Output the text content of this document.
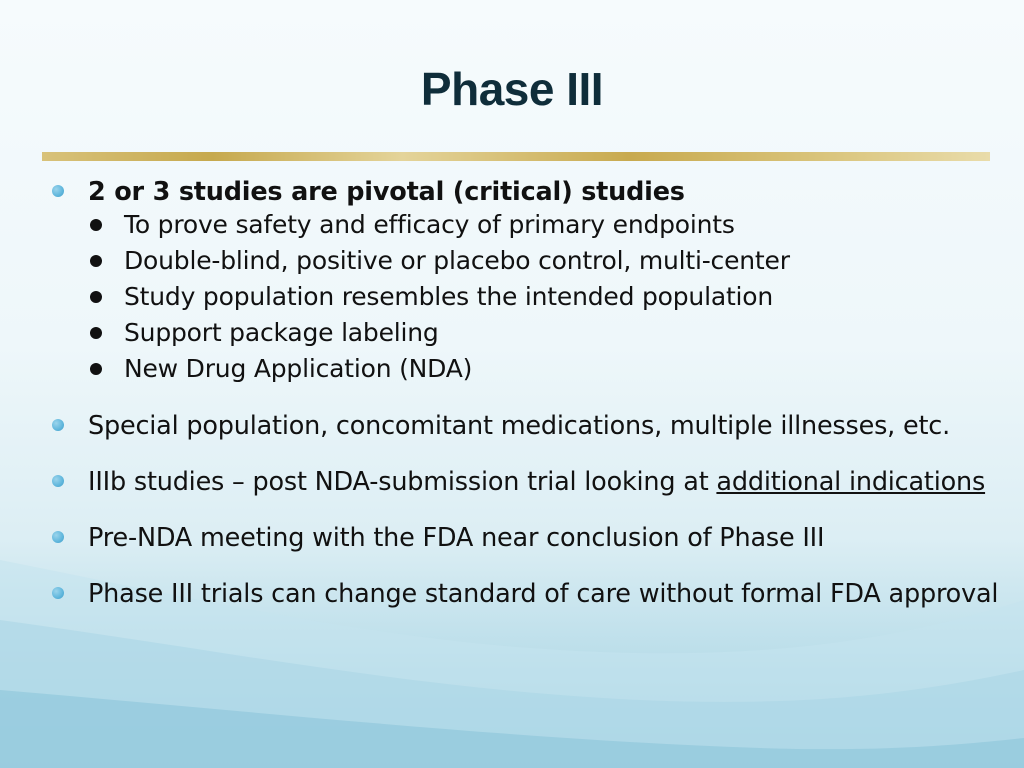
Phase III
2 or 3 studies are pivotal (critical) studies
To prove safety and efficacy of primary endpoints
Double-blind, positive or placebo control, multi-center
Study population resembles the intended population
Support package labeling
New Drug Application (NDA)
Special population, concomitant medications, multiple illnesses, etc.
IIIb studies – post NDA-submission trial looking at additional indications
Pre-NDA meeting with the FDA near conclusion of Phase III
Phase III trials can change standard of care without formal FDA approval
